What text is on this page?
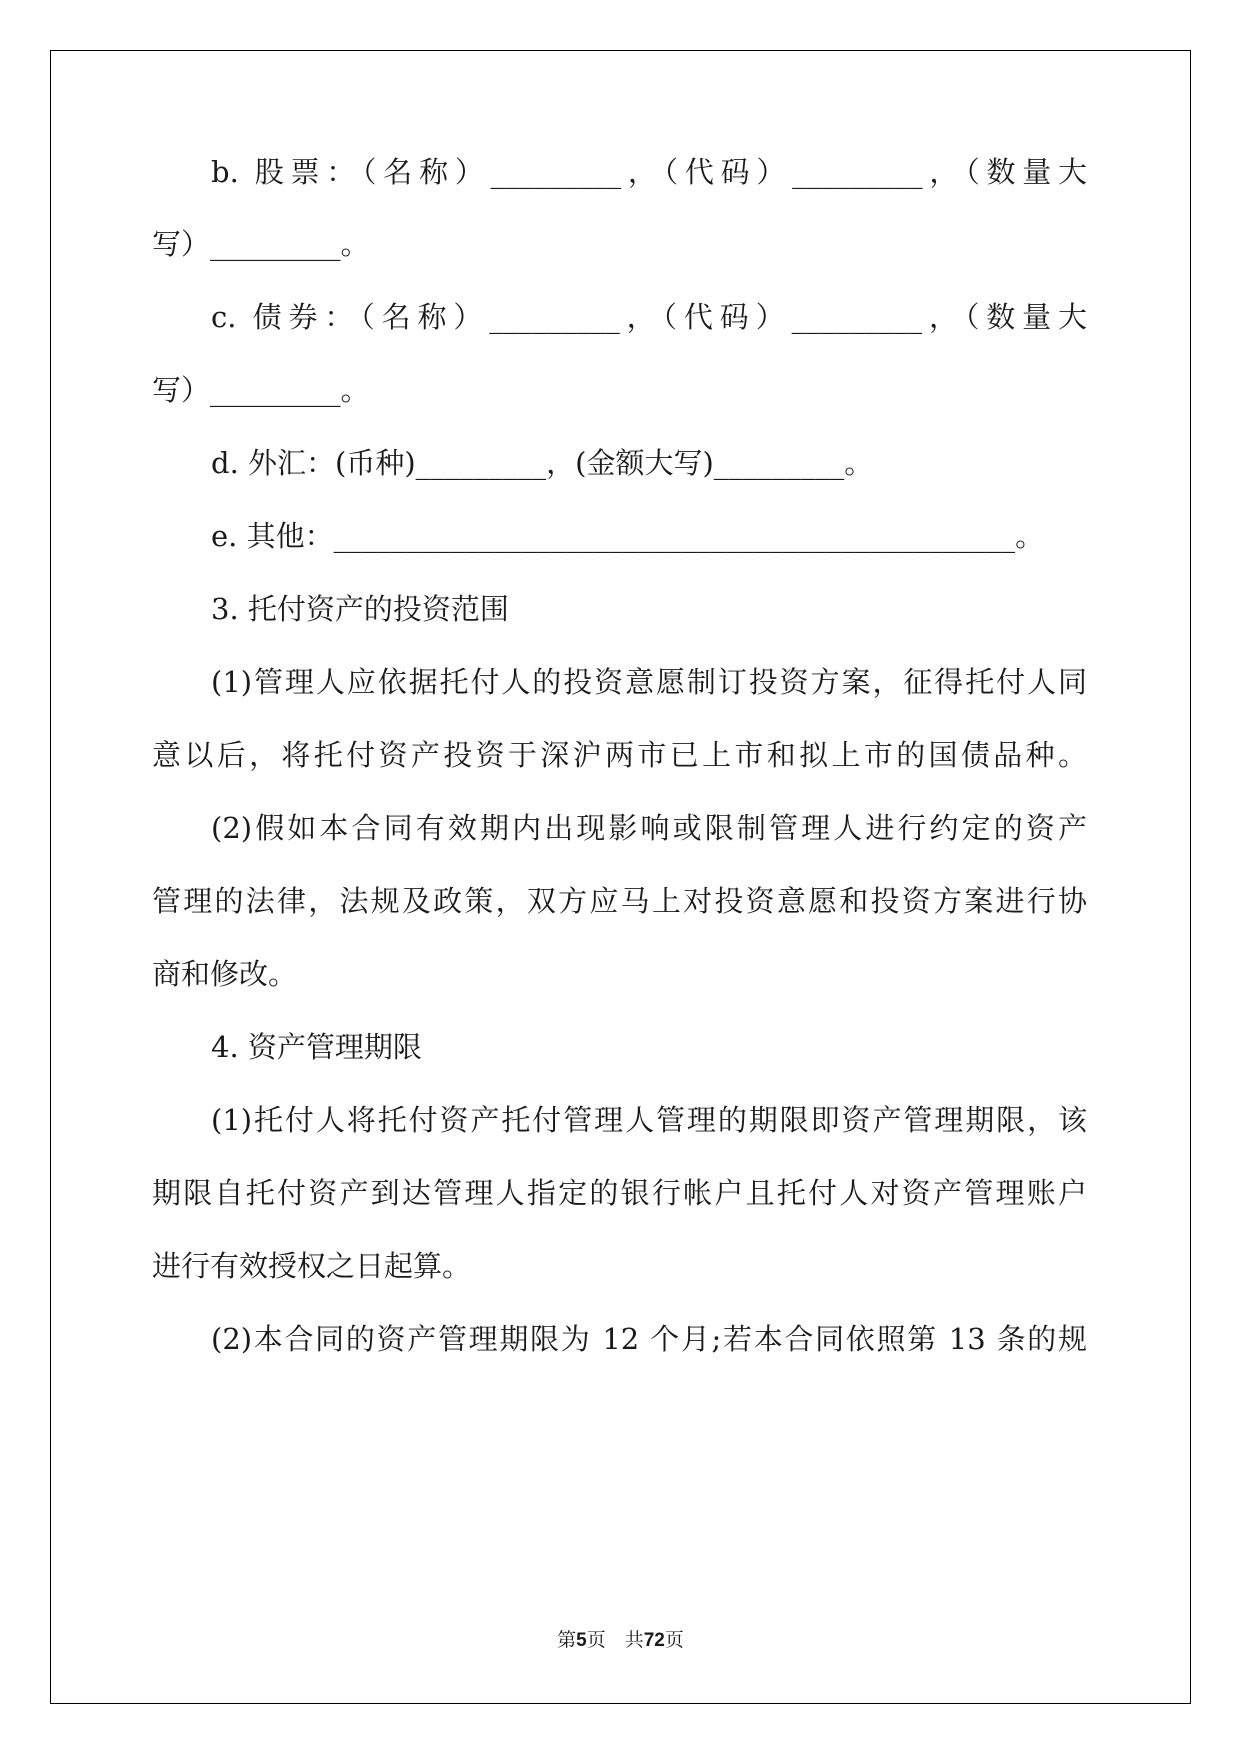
b. 股票：（名称）_________，（代码）_________，（数量大
写）_________。
c. 债券：（名称）_________，（代码）_________，（数量大
写）_________。
d. 外汇：(币种)_________，(金额大写)_________。
e. 其他：_______________________________________________。
3. 托付资产的投资范围
(1)管理人应依据托付人的投资意愿制订投资方案，征得托付人同
意以后，将托付资产投资于深沪两市已上市和拟上市的国债品种。
(2)假如本合同有效期内出现影响或限制管理人进行约定的资产
管理的法律，法规及政策，双方应马上对投资意愿和投资方案进行协
商和修改。
4. 资产管理期限
(1)托付人将托付资产托付管理人管理的期限即资产管理期限，该
期限自托付资产到达管理人指定的银行帐户且托付人对资产管理账户
进行有效授权之日起算。
(2)本合同的资产管理期限为 12 个月;若本合同依照第 13 条的规
第5页　共72页
